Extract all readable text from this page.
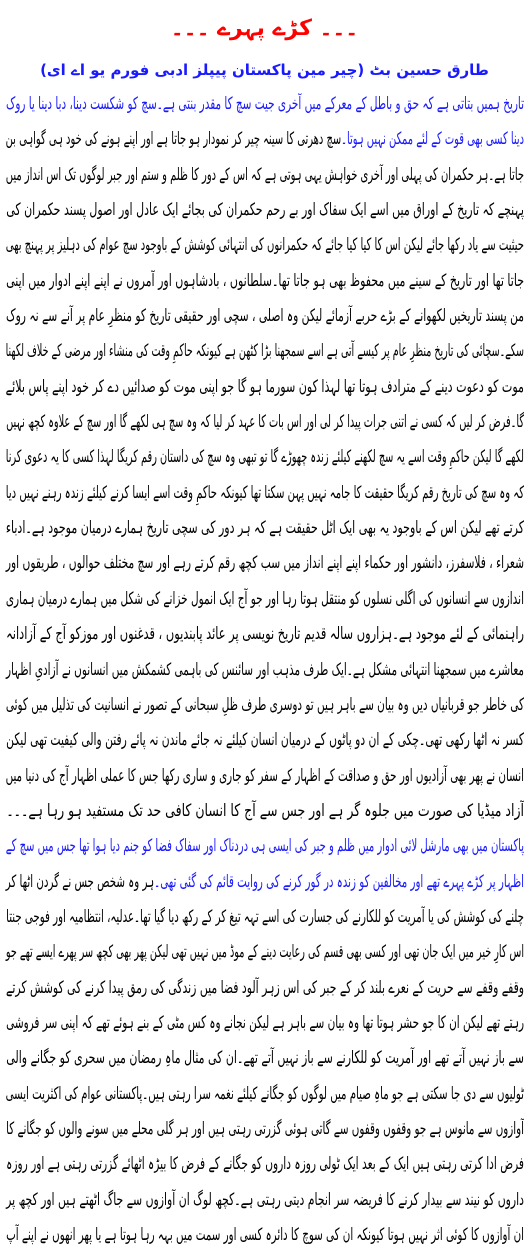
۔۔۔ کڑے پہرے ۔۔۔
طارق حسین بٹ (چیر مین پاکستان پیپلز ادبی فورم یو اے ای)
تاریخ ہمیں بتاتی ہے کہ حق و باطل کے معرکے میں آخری جیت سچ کا مقدر بنتی ہے۔سچ کو شکست دینا، دبا دینا یا روک
دینا کسی بھی قوت کے لئے ممکن نہیں ہوتا۔سچ دھرتی کا سینہ چیر کر نمودار ہو جاتا ہے اور اپنے ہونے کی خود ہی گواہی بن
جاتا ہے۔ہر حکمران کی پہلی اور آخری خواہش یہی ہوتی ہے کہ اس کے دور کا ظلم و ستم اور جبر لوگوں تک اس انداز میں
پہنچے کہ تاریخ کے اوراق میں اسے ایک سفاک اور بے رحم حکمران کی بجائے ایک عادل اور اصول پسند حکمران کی
حیثیت سے یاد رکھا جائے لیکن اس کا کیا کیا جائے کہ حکمرانوں کی انتہائی کوشش کے باوجود سچ عوام کی دہلیز پر پہنچ بھی
جاتا تھا اور تاریخ کے سینے میں محفوظ بھی ہو جاتا تھا۔سلطانوں ، بادشاہوں اور آمروں نے اپنے اپنے ادوار میں اپنی
من پسند تاریخیں لکھوانے کے بڑے حربے آزمائے لیکن وہ اصلی ، سچی اور حقیقی تاریخ کو منظرِ عام پر آنے سے نہ روک
سکے۔سچائی کی تاریخ منظرِ عام پر کیسے آتی ہے اسے سمجھنا بڑا کٹھن ہے کیونکہ حاکمِ وقت کی منشاء اور مرضی کے خلاف لکھنا
موت کو دعوت دینے کے مترادف ہوتا تھا لہذا کون سورما ہو گا جو اپنی موت کو صدائیں دے کر خود اپنے پاس بلائے
گا۔فرض کر لیں کہ کسی نے اتنی جرات پیدا کر لی اور اس بات کا عہد کر لیا کہ وہ سچ ہی لکھے گا اور سچ کے علاوہ کچھ نہیں
لکھے گا لیکن حاکمِ وقت اسے یہ سچ لکھنے کیلئے زندہ چھوڑے گا تو تبھی وہ سچ کی داستان رقم کریگا لہذا کسی کا یہ دعوی کرنا
کہ وہ سچ کی تاریخ رقم کریگا حقیقت کا جامہ نہیں پہن سکتا تھا کیونکہ حاکمِ وقت اسے ایسا کرنے کیلئے زندہ رہنے نہیں دیا
کرتے تھے لیکن اس کے باوجود یہ بھی ایک اٹل حقیقت ہے کہ ہر دور کی سچی تاریخ ہمارے درمیان موجود ہے۔ادباء
شعراء ، فلاسفرز، دانشور اور حکماء اپنے اپنے انداز میں سب کچھ رقم کرتے رہے اور سچ مختلف حوالوں ، طریقوں اور
اندازوں سے انسانوں کی اگلی نسلوں کو منتقل ہوتا رہا اور جو آج ایک انمول خزانے کی شکل میں ہمارے درمیان ہماری
راہنمائی کے لئے موجود ہے۔ہزاروں سالہ قدیم تاریخ نویسی پر عائد پابندیوں ، قدغنوں اور موزکو آج کے آزادانہ
معاشرے میں سمجھنا انتہائی مشکل ہے۔ایک طرف مذہب اور سائنس کی باہمی کشمکش میں انسانوں نے آزادیِ اظہار
کی خاطر جو قربانیاں دیں وہ بیان سے باہر ہیں تو دوسری طرف ظلِ سبحانی کے تصور نے انسانیت کی تذلیل میں کوئی
کسر نہ اٹھا رکھی تھی۔چکی کے ان دو پاٹوں کے درمیان انسان کیلئے نہ جائے ماندن نہ پائے رفتن والی کیفیت تھی لیکن
انسان نے پھر بھی آزادیوں اور حق و صداقت کے اظہار کے سفر کو جاری و ساری رکھا جس کا عملی اظہار آج کی دنیا میں
آزاد میڈیا کی صورت میں جلوہ گر ہے اور جس سے آج کا انسان کافی حد تک مستفید ہو رہا ہے۔۔۔
پاکستان میں بھی مارشل لائی ادوار میں ظلم و جبر کی ایسی ہی دردناک اور سفاک فضا کو جنم دیا ہوا تھا جس میں سچ کے
اظہار پر کڑے پہرے تھے اور مخالفین کو زندہ در گور کرنے کی روایت قائم کی گئی تھی۔ہر وہ شخص جس نے گردن اٹھا کر
چلنے کی کوشش کی یا آمریت کو للکارنے کی جسارت کی اسے تہہ تیغ کر کے رکھ دیا گیا تھا۔عدلیہ، انتظامیہ اور فوجی جنتا
اس کارِ خیر میں ایک جان تھی اور کسی بھی قسم کی رعایت دینے کے موڈ میں نہیں تھی لیکن پھر بھی کچھ سر پھرے ایسے تھے جو
وقفے وقفے سے حریت کے نعرے بلند کر کے جبر کی اس زہر آلود فضا میں زندگی کی رمق پیدا کرنے کی کوشش کرتے
رہتے تھے لیکن ان کا جو حشر ہوتا تھا وہ بیان سے باہر ہے لیکن نجانے وہ کس مٹی کے بنے ہوئے تھے کہ اپنی سر فروشی
سے باز نہیں آتے تھے اور آمریت کو للکارنے سے باز نہیں آتے تھے۔ان کی مثال ماہِ رمضان میں سحری کو جگانے والی
ٹولیوں سے دی جا سکتی ہے جو ماہِ صیام میں لوگوں کو جگانے کیلئے نغمہ سرا رہتی ہیں۔پاکستانی عوام کی اکثریت ایسی
آوازوں سے مانوس ہے جو وقفوں وقفوں سے گاتی ہوئی گزرتی رہتی ہیں اور ہر گلی محلے میں سونے والوں کو جگانے کا
فرض ادا کرتی رہتی ہیں ایک کے بعد ایک ٹولی روزہ داروں کو جگانے کے فرض کا بیڑہ اٹھائے گزرتی رہتی ہے اور روزہ
داروں کو نیند سے بیدار کرنے کا فریضہ سر انجام دیتی رہتی ہے۔کچھ لوگ ان آوازوں سے جاگ اٹھتے ہیں اور کچھ پر
ان آوازوں کا کوئی اثر نہیں ہوتا کیونکہ ان کی سوچ کا دائرہ کسی اور سمت میں بہہ رہا ہوتا ہے یا پھر انھوں نے اپنے آپ
